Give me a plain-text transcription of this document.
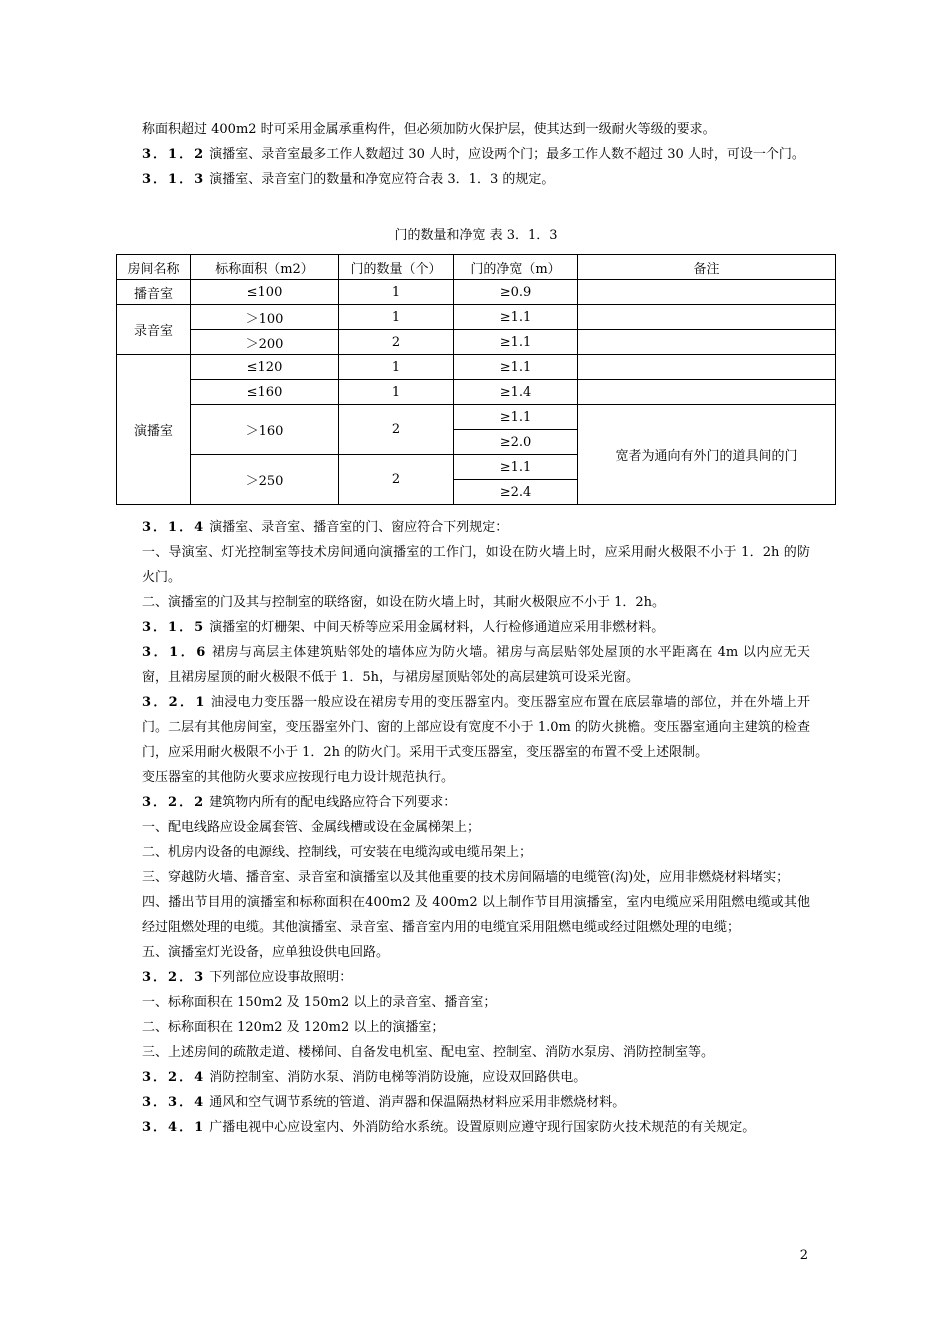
称面积超过 400m2 时可采用金属承重构件，但必须加防火保护层，使其达到一级耐火等级的要求。

3．1．2 演播室、录音室最多工作人数超过 30 人时，应设两个门；最多工作人数不超过 30 人时，可设一个门。

3．1．3 演播室、录音室门的数量和净宽应符合表 3．1．3 的规定。

门的数量和净宽 表 3．1．3
房间名称	标称面积（m2）	门的数量（个）	门的净宽（m）	备注
播音室	≤100	1	≥0.9	
录音室	＞100	1	≥1.1	
	＞200	2	≥1.1	
演播室	≤120	1	≥1.1	
	≤160	1	≥1.4	
	＞160	2	≥1.1	宽者为通向有外门的道具间的门
			≥2.0	
	＞250	2	≥1.1	
			≥2.4	

3．1．4 演播室、录音室、播音室的门、窗应符合下列规定：

一、导演室、灯光控制室等技术房间通向演播室的工作门，如设在防火墙上时，应采用耐火极限不小于 1．2h 的防火门。

二、演播室的门及其与控制室的联络窗，如设在防火墙上时，其耐火极限应不小于 1．2h。

3．1．5 演播室的灯栅架、中间天桥等应采用金属材料，人行检修通道应采用非燃材料。

3．1．6 裙房与高层主体建筑贴邻处的墙体应为防火墙。裙房与高层贴邻处屋顶的水平距离在 4m 以内应无天窗，且裙房屋顶的耐火极限不低于 1．5h，与裙房屋顶贴邻处的高层建筑可设采光窗。

3．2．1 油浸电力变压器一般应设在裙房专用的变压器室内。变压器室应布置在底层靠墙的部位，并在外墙上开门。二层有其他房间室，变压器室外门、窗的上部应设有宽度不小于 1.0m 的防火挑檐。变压器室通向主建筑的检查门，应采用耐火极限不小于 1．2h 的防火门。采用干式变压器室，变压器室的布置不受上述限制。

变压器室的其他防火要求应按现行电力设计规范执行。

3．2．2 建筑物内所有的配电线路应符合下列要求：

一、配电线路应设金属套管、金属线槽或设在金属梯架上；

二、机房内设备的电源线、控制线，可安装在电缆沟或电缆吊架上；

三、穿越防火墙、播音室、录音室和演播室以及其他重要的技术房间隔墙的电缆管(沟)处，应用非燃烧材料堵实；

四、播出节目用的演播室和标称面积在400m2 及 400m2 以上制作节目用演播室，室内电缆应采用阻燃电缆或其他经过阻燃处理的电缆。其他演播室、录音室、播音室内用的电缆宜采用阻燃电缆或经过阻燃处理的电缆；

五、演播室灯光设备，应单独设供电回路。

3．2．3 下列部位应设事故照明：

一、标称面积在 150m2 及 150m2 以上的录音室、播音室；

二、标称面积在 120m2 及 120m2 以上的演播室；

三、上述房间的疏散走道、楼梯间、自备发电机室、配电室、控制室、消防水泵房、消防控制室等。

3．2．4 消防控制室、消防水泵、消防电梯等消防设施，应设双回路供电。

3．3．4 通风和空气调节系统的管道、消声器和保温隔热材料应采用非燃烧材料。

3．4．1 广播电视中心应设室内、外消防给水系统。设置原则应遵守现行国家防火技术规范的有关规定。

2
